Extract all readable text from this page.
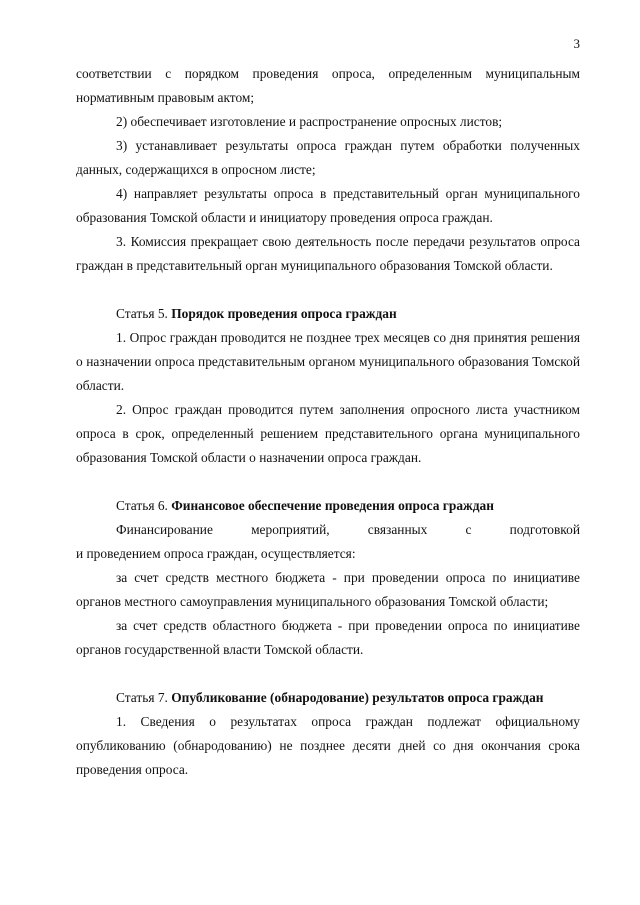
3

соответствии с порядком проведения опроса, определенным муниципальным нормативным правовым актом;

2) обеспечивает изготовление и распространение опросных листов;

3) устанавливает результаты опроса граждан путем обработки полученных данных, содержащихся в опросном листе;

4) направляет результаты опроса в представительный орган муниципального образования Томской области и инициатору проведения опроса граждан.

3. Комиссия прекращает свою деятельность после передачи результатов опроса граждан в представительный орган муниципального образования Томской области.

Статья 5. Порядок проведения опроса граждан

1. Опрос граждан проводится не позднее трех месяцев со дня принятия решения о назначении опроса представительным органом муниципального образования Томской области.

2. Опрос граждан проводится путем заполнения опросного листа участником опроса в срок, определенный решением представительного органа муниципального образования Томской области о назначении опроса граждан.

Статья 6. Финансовое обеспечение проведения опроса граждан

Финансирование	мероприятий,	связанных	с	подготовкой

и проведением опроса граждан, осуществляется:

за счет средств местного бюджета - при проведении опроса по инициативе органов местного самоуправления муниципального образования Томской области;

за счет средств областного бюджета - при проведении опроса по инициативе органов государственной власти Томской области.

Статья 7. Опубликование (обнародование) результатов опроса граждан

1. Сведения о результатах опроса граждан подлежат официальному опубликованию (обнародованию) не позднее десяти дней со дня окончания срока проведения опроса.
